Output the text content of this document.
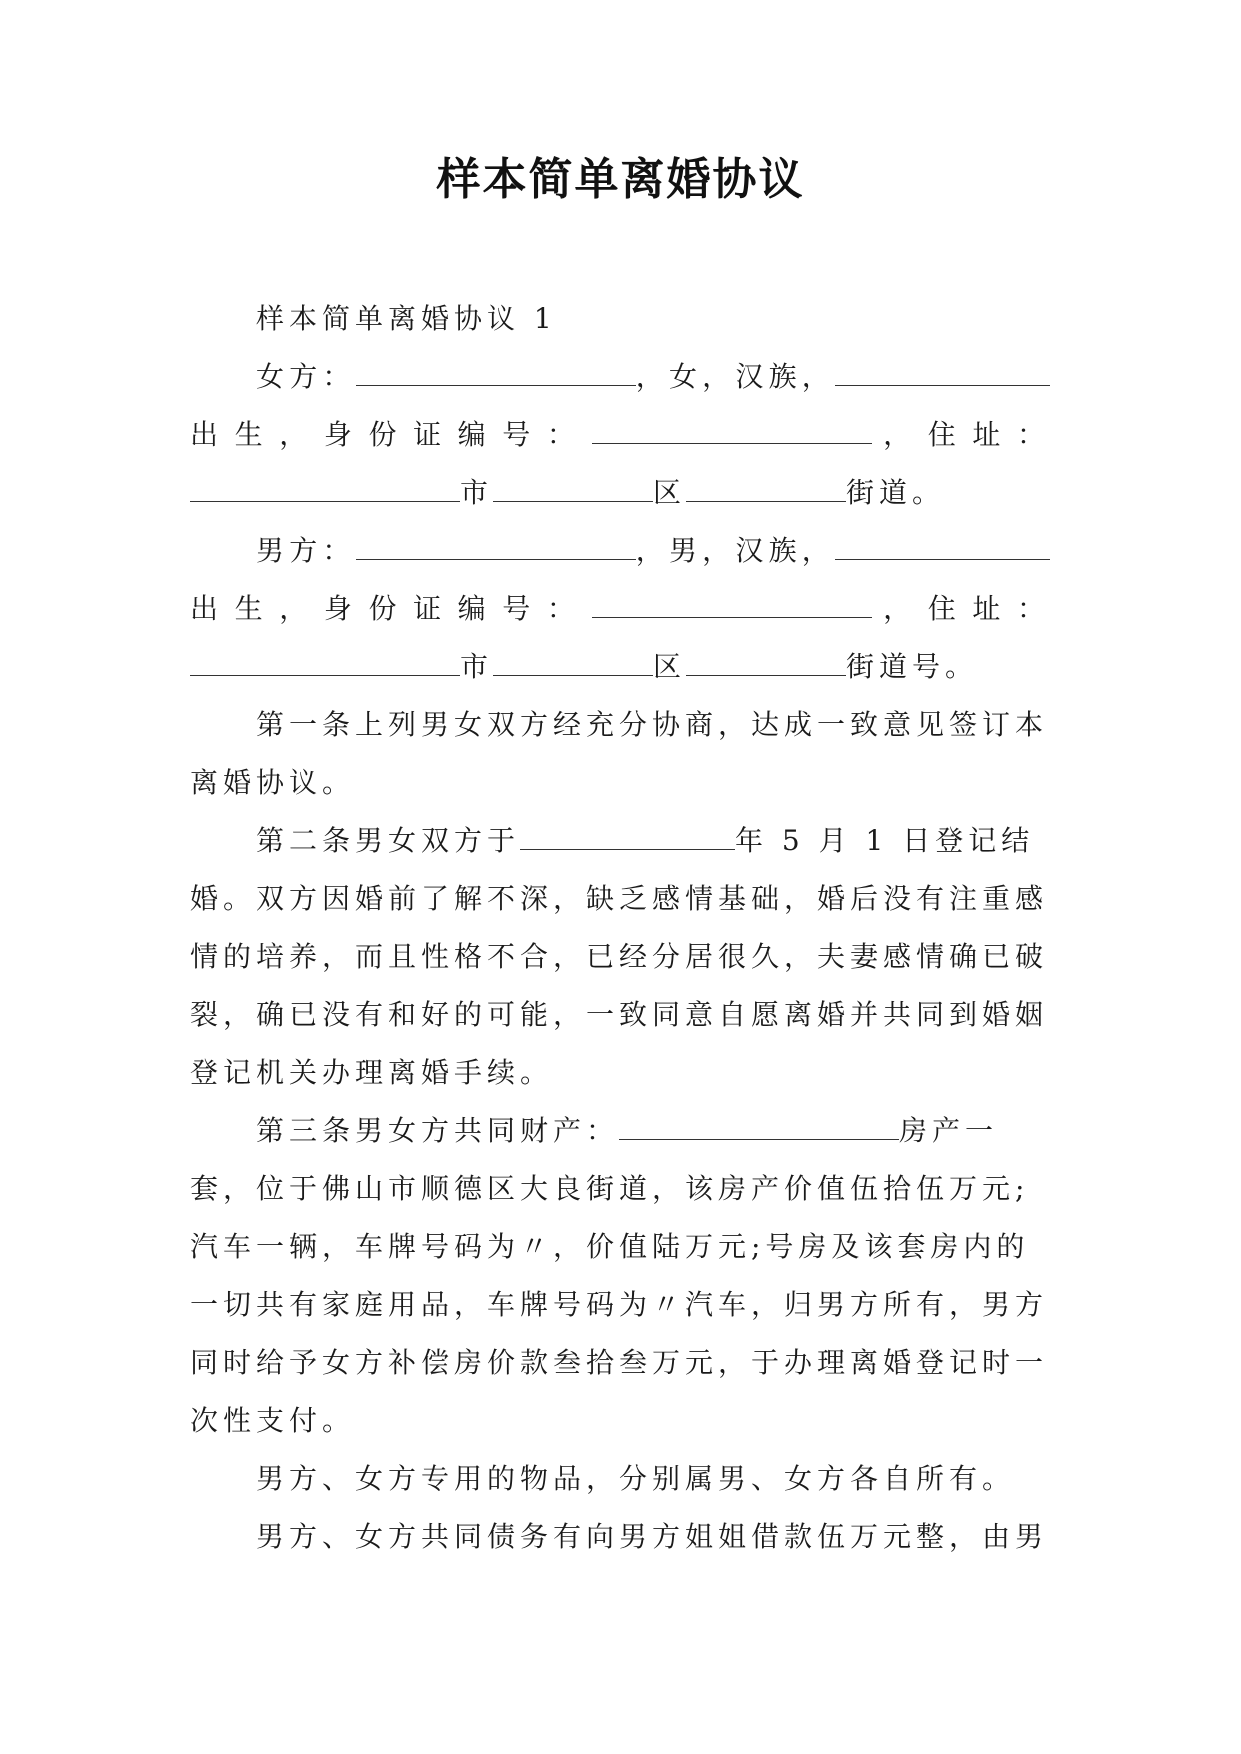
样本简单离婚协议

样本简单离婚协议 1

女方：	，女，汉族，

出生，身份证编号：	，住址：

市	区	街道。

男方：	，男，汉族，

出生，身份证编号：	，住址：

市	区	街道号。

第一条上列男女双方经充分协商，达成一致意见签订本离婚协议。

第二条男女双方于	年 5 月 1 日登记结婚。双方因婚前了解不深，缺乏感情基础，婚后没有注重感情的培养，而且性格不合，已经分居很久，夫妻感情确已破裂，确已没有和好的可能，一致同意自愿离婚并共同到婚姻登记机关办理离婚手续。

第三条男女方共同财产：	房产一套，位于佛山市顺德区大良街道，该房产价值伍拾伍万元;汽车一辆，车牌号码为〃，价值陆万元;号房及该套房内的一切共有家庭用品，车牌号码为〃汽车，归男方所有，男方同时给予女方补偿房价款叁拾叁万元，于办理离婚登记时一次性支付。

男方、女方专用的物品，分别属男、女方各自所有。

男方、女方共同债务有向男方姐姐借款伍万元整，由男
